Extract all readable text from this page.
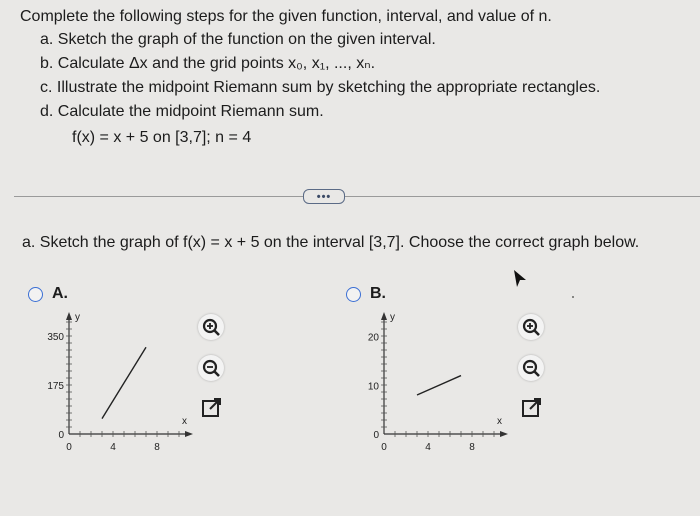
Complete the following steps for the given function, interval, and value of n.
a. Sketch the graph of the function on the given interval.
b. Calculate Δx and the grid points x₀, x₁, ..., xₙ.
c. Illustrate the midpoint Riemann sum by sketching the appropriate rectangles.
d. Calculate the midpoint Riemann sum.
f(x) = x + 5 on [3,7]; n = 4
•••
a. Sketch the graph of f(x) = x + 5 on the interval [3,7]. Choose the correct graph below.
A.
0	4	8
350
175
0
x
y
B.
0	4	8
20
10
0
x
y
